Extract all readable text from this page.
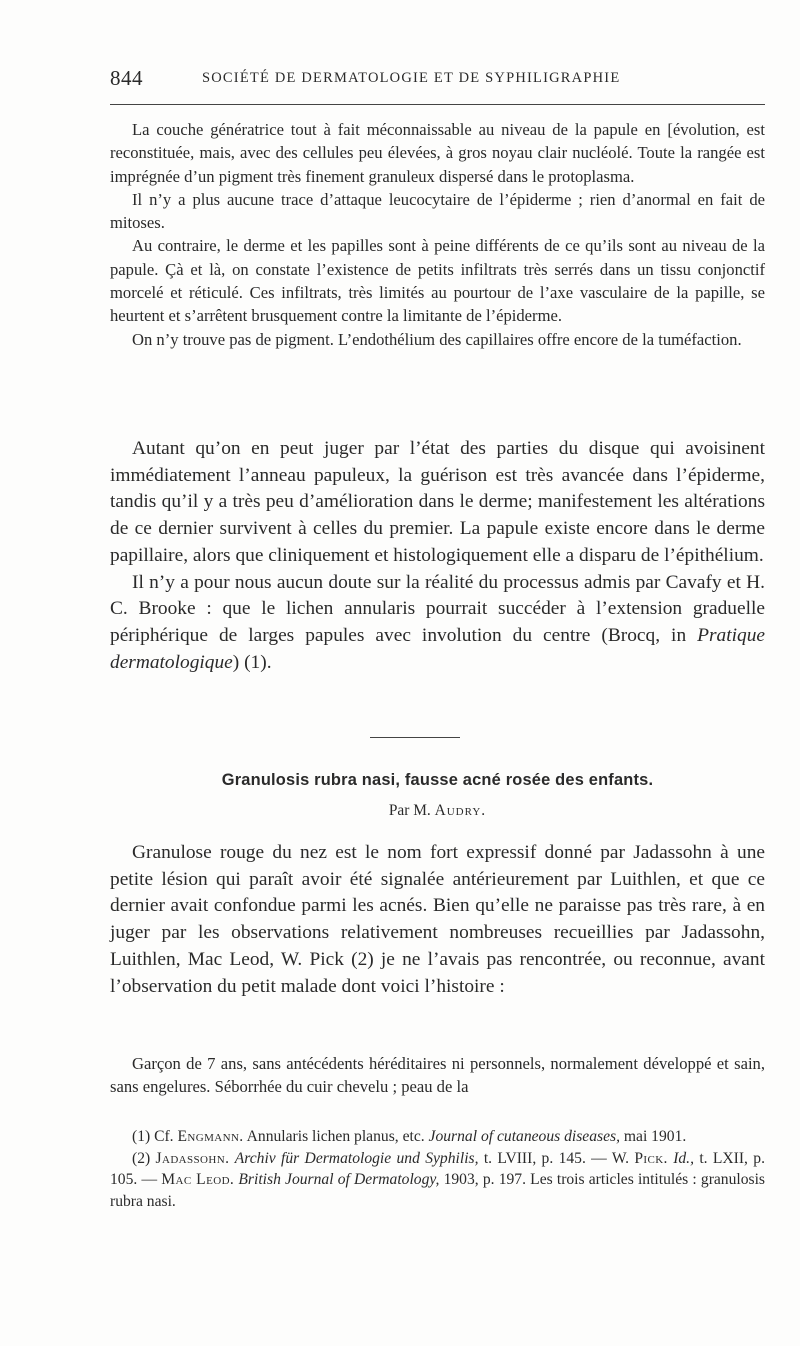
844	SOCIÉTÉ DE DERMATOLOGIE ET DE SYPHILIGRAPHIE

La couche génératrice tout à fait méconnaissable au niveau de la papule en [évolution, est reconstituée, mais, avec des cellules peu élevées, à gros noyau clair nucléolé. Toute la rangée est imprégnée d’un pigment très finement granuleux dispersé dans le protoplasma.

Il n’y a plus aucune trace d’attaque leucocytaire de l’épiderme ; rien d’anormal en fait de mitoses.

Au contraire, le derme et les papilles sont à peine différents de ce qu’ils sont au niveau de la papule. Çà et là, on constate l’existence de petits infiltrats très serrés dans un tissu conjonctif morcelé et réticulé. Ces infiltrats, très limités au pourtour de l’axe vasculaire de la papille, se heurtent et s’arrêtent brusquement contre la limitante de l’épiderme.

On n’y trouve pas de pigment. L’endothélium des capillaires offre encore de la tuméfaction.

Autant qu’on en peut juger par l’état des parties du disque qui avoisinent immédiatement l’anneau papuleux, la guérison est très avancée dans l’épiderme, tandis qu’il y a très peu d’amélioration dans le derme; manifestement les altérations de ce dernier survivent à celles du premier. La papule existe encore dans le derme papillaire, alors que cliniquement et histologiquement elle a disparu de l’épithélium.

Il n’y a pour nous aucun doute sur la réalité du processus admis par Cavafy et H. C. Brooke : que le lichen annularis pourrait succéder à l’extension graduelle périphérique de larges papules avec involution du centre (Brocq, in Pratique dermatologique) (1).

Granulosis rubra nasi, fausse acné rosée des enfants.
Par M. Audry.

Granulose rouge du nez est le nom fort expressif donné par Jadassohn à une petite lésion qui paraît avoir été signalée antérieurement par Luithlen, et que ce dernier avait confondue parmi les acnés. Bien qu’elle ne paraisse pas très rare, à en juger par les observations relativement nombreuses recueillies par Jadassohn, Luithlen, Mac Leod, W. Pick (2) je ne l’avais pas rencontrée, ou reconnue, avant l’observation du petit malade dont voici l’histoire :

Garçon de 7 ans, sans antécédents héréditaires ni personnels, normalement développé et sain, sans engelures. Séborrhée du cuir chevelu ; peau de la

(1) Cf. Engmann. Annularis lichen planus, etc. Journal of cutaneous diseases, mai 1901.

(2) Jadassohn. Archiv für Dermatologie und Syphilis, t. LVIII, p. 145. — W. Pick. Id., t. LXII, p. 105. — Mac Leod. British Journal of Dermatology, 1903, p. 197. Les trois articles intitulés : granulosis rubra nasi.
